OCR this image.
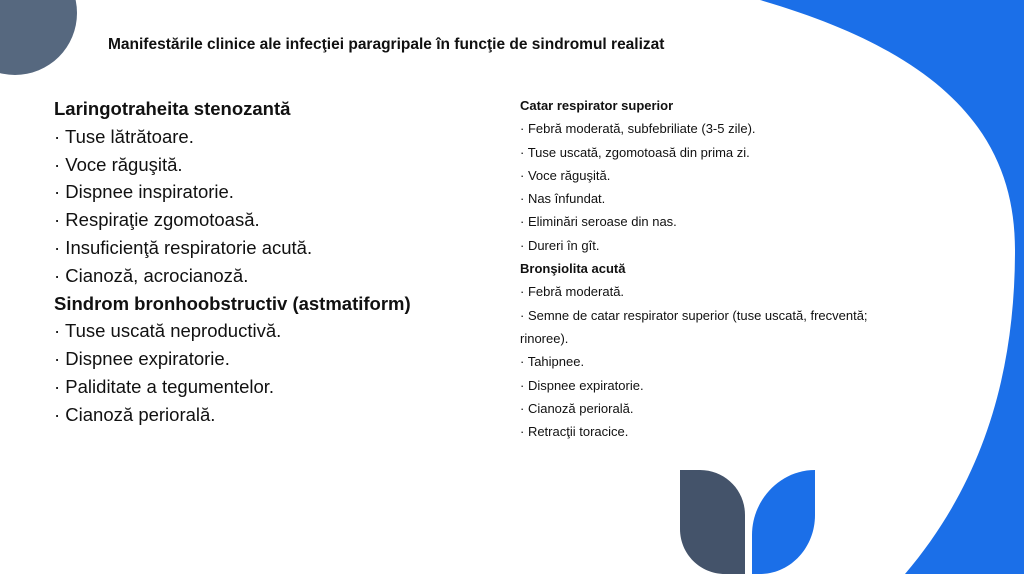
Manifestările clinice ale infecţiei paragripale în funcţie de sindromul realizat
Laringotraheita stenozantă
· Tuse lătrătoare.
· Voce răguşită.
· Dispnee inspiratorie.
· Respiraţie zgomotoasă.
· Insuficienţă respiratorie acută.
· Cianoză, acrocianoză.
Sindrom bronhoobstructiv (astmatiform)
· Tuse uscată neproductivă.
· Dispnee expiratorie.
· Paliditate a tegumentelor.
· Cianoză periorală.
Catar respirator superior
· Febră moderată, subfebriliate (3-5 zile).
· Tuse uscată, zgomotoasă din prima zi.
· Voce răguşită.
· Nas înfundat.
· Eliminări seroase din nas.
· Dureri în gît.
Bronşiolita acută
· Febră moderată.
· Semne de catar respirator superior (tuse uscată, frecventă;
rinoree).
· Tahipnee.
· Dispnee expiratorie.
· Cianoză periorală.
· Retracţii toracice.
